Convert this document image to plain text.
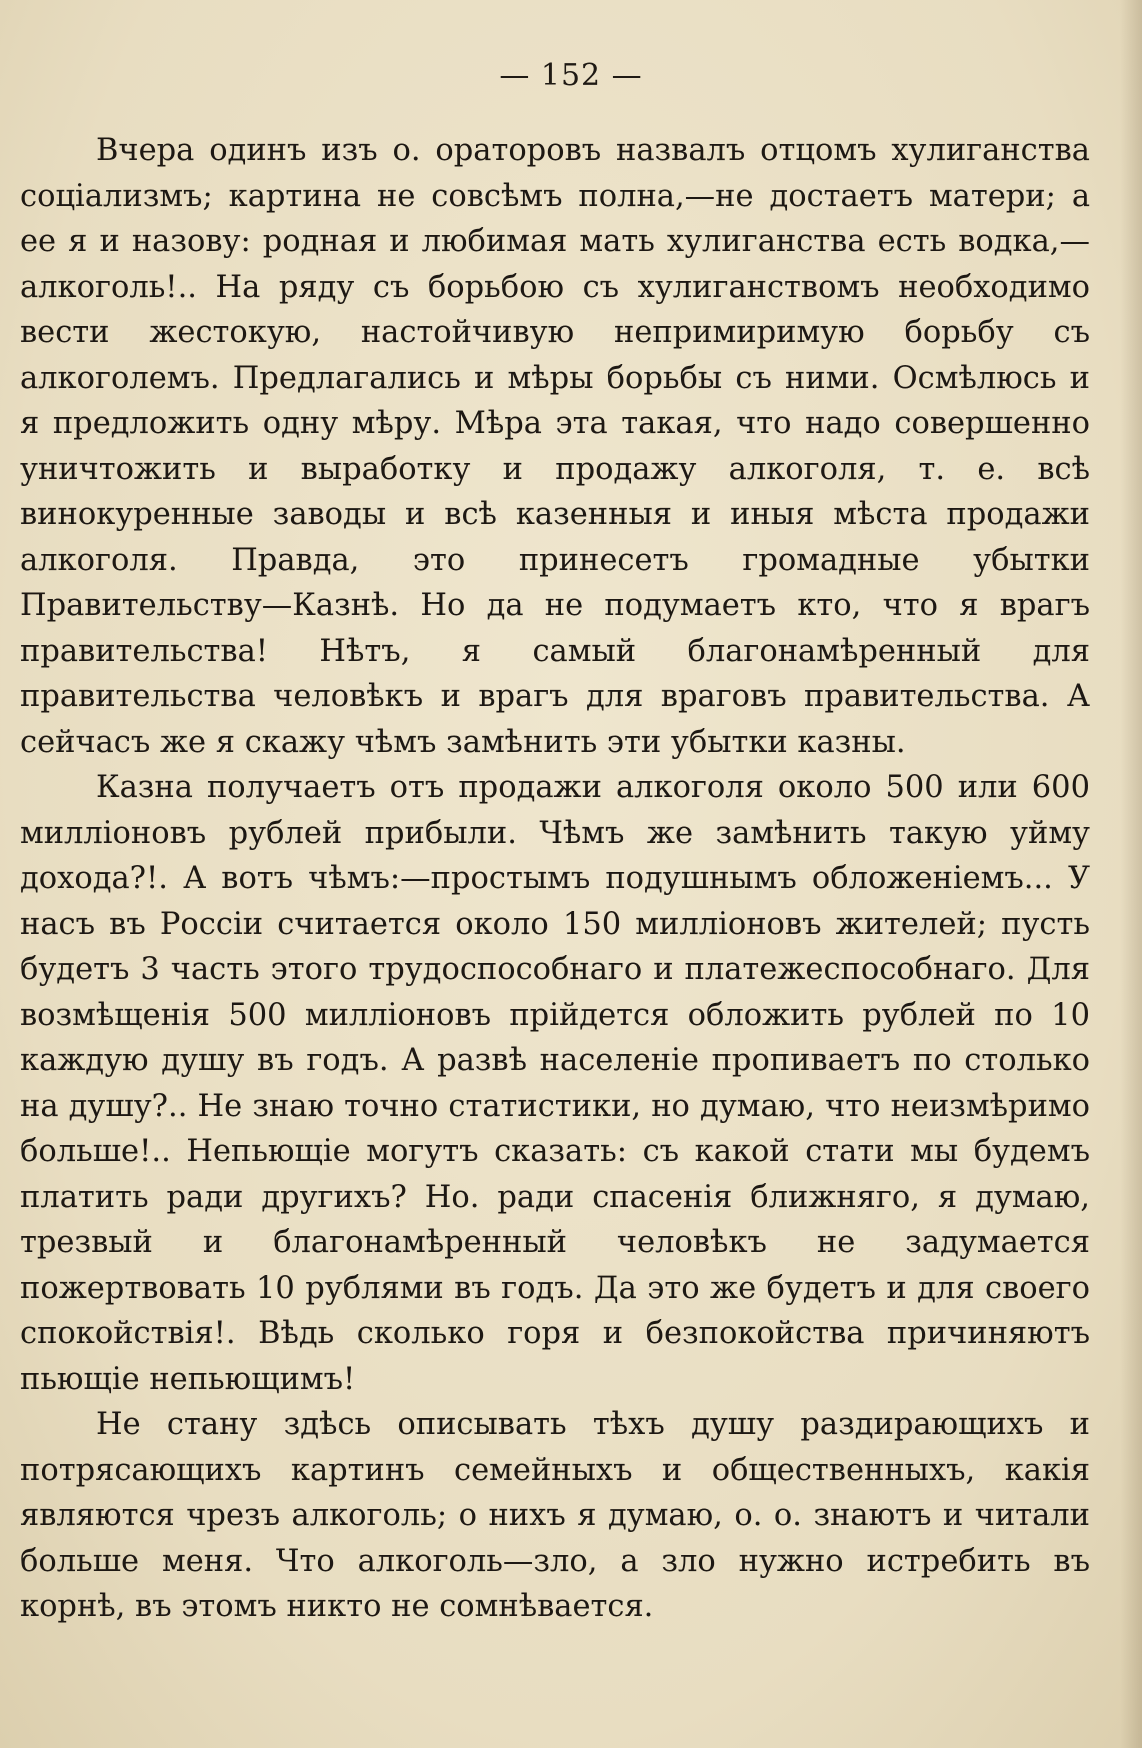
— 152 —

Вчера одинъ изъ о. ораторовъ назвалъ отцомъ хулиганства соцiализмъ; картина не совсѣмъ полна,—не достаетъ матери; а ее я и назову: родная и любимая мать хулиганства есть водка,—алкоголь!.. На ряду съ борьбою съ хулиганствомъ необходимо вести жестокую, настойчивую непримиримую борьбу съ алкоголемъ. Предлагались и мѣры борьбы съ ними. Осмѣлюсь и я предложить одну мѣру. Мѣра эта такая, что надо совершенно уничтожить и выработку и продажу алкоголя, т. е. всѣ винокуренные заводы и всѣ казенныя и иныя мѣста продажи алкоголя. Правда, это принесетъ громадные убытки Правительству—Казнѣ. Но да не подумаетъ кто, что я врагъ правительства! Нѣтъ, я самый благонамѣренный для правительства человѣкъ и врагъ для враговъ правительства. А сейчасъ же я скажу чѣмъ замѣнить эти убытки казны.

Казна получаетъ отъ продажи алкоголя около 500 или 600 миллiоновъ рублей прибыли. Чѣмъ же замѣнить такую уйму дохода?!. А вотъ чѣмъ:—простымъ подушнымъ обложенiемъ... У насъ въ Россiи считается около 150 миллiоновъ жителей; пусть будетъ 3 часть этого трудоспособнаго и платежеспособнаго. Для возмѣщенiя 500 миллiоновъ прiйдется обложить рублей по 10 каждую душу въ годъ. А развѣ населенiе пропиваетъ по столько на душу?.. Не знаю точно статистики, но думаю, что неизмѣримо больше!.. Непьющiе могутъ сказать: съ какой стати мы будемъ платить ради другихъ? Но. ради спасенiя ближняго, я думаю, трезвый и благонамѣренный человѣкъ не задумается пожертвовать 10 рублями въ годъ. Да это же будетъ и для своего спокойствiя!. Вѣдь сколько горя и безпокойства причиняютъ пьющiе непьющимъ!

Не стану здѣсь описывать тѣхъ душу раздирающихъ и потрясающихъ картинъ семейныхъ и общественныхъ, какiя являются чрезъ алкоголь; о нихъ я думаю, о. о. знаютъ и читали больше меня. Что алкоголь—зло, а зло нужно истребить въ корнѣ, въ этомъ никто не сомнѣвается.
